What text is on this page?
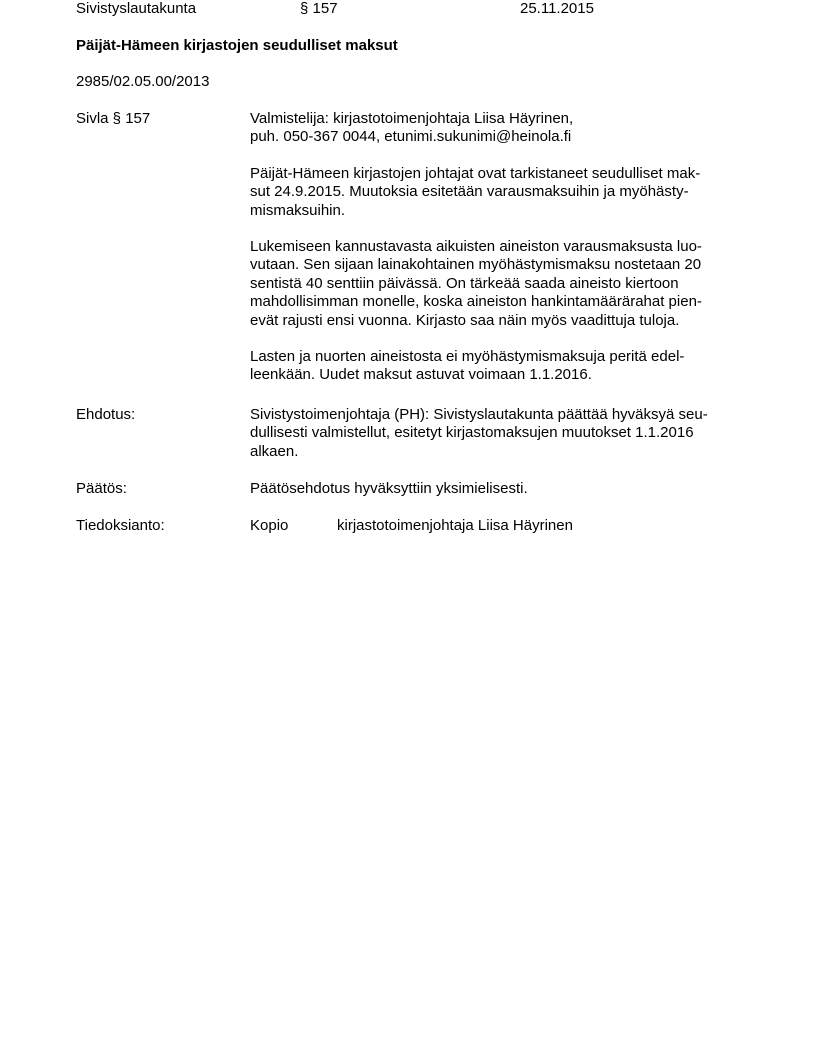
Sivistyslautakunta	§ 157	25.11.2015
Päijät-Hämeen kirjastojen seudulliset maksut
2985/02.05.00/2013
Sivla § 157	Valmistelija: kirjastotoimenjohtaja Liisa Häyrinen,
puh. 050-367 0044, etunimi.sukunimi@heinola.fi
Päijät-Hämeen kirjastojen johtajat ovat tarkistaneet seudulliset mak-
sut 24.9.2015. Muutoksia esitetään varausmaksuihin ja myöhästy-
mismaksuihin.
Lukemiseen kannustavasta aikuisten aineiston varausmaksusta luo-
vutaan. Sen sijaan lainakohtainen myöhästymismaksu nostetaan 20
sentistä 40 senttiin päivässä. On tärkeää saada aineisto kiertoon
mahdollisimman monelle, koska aineiston hankintamäärärahat pien-
evät rajusti ensi vuonna. Kirjasto saa näin myös vaadittuja tuloja.
Lasten ja nuorten aineistosta ei myöhästymismaksuja peritä edel-
leenkään. Uudet maksut astuvat voimaan 1.1.2016.
Ehdotus:	Sivistystoimenjohtaja (PH): Sivistyslautakunta päättää hyväksyä seu-
dullisesti valmistellut, esitetyt kirjastomaksujen muutokset 1.1.2016
alkaen.
Päätös:	Päätösehdotus hyväksyttiin yksimielisesti.
Tiedoksianto:	Kopio	kirjastotoimenjohtaja Liisa Häyrinen
